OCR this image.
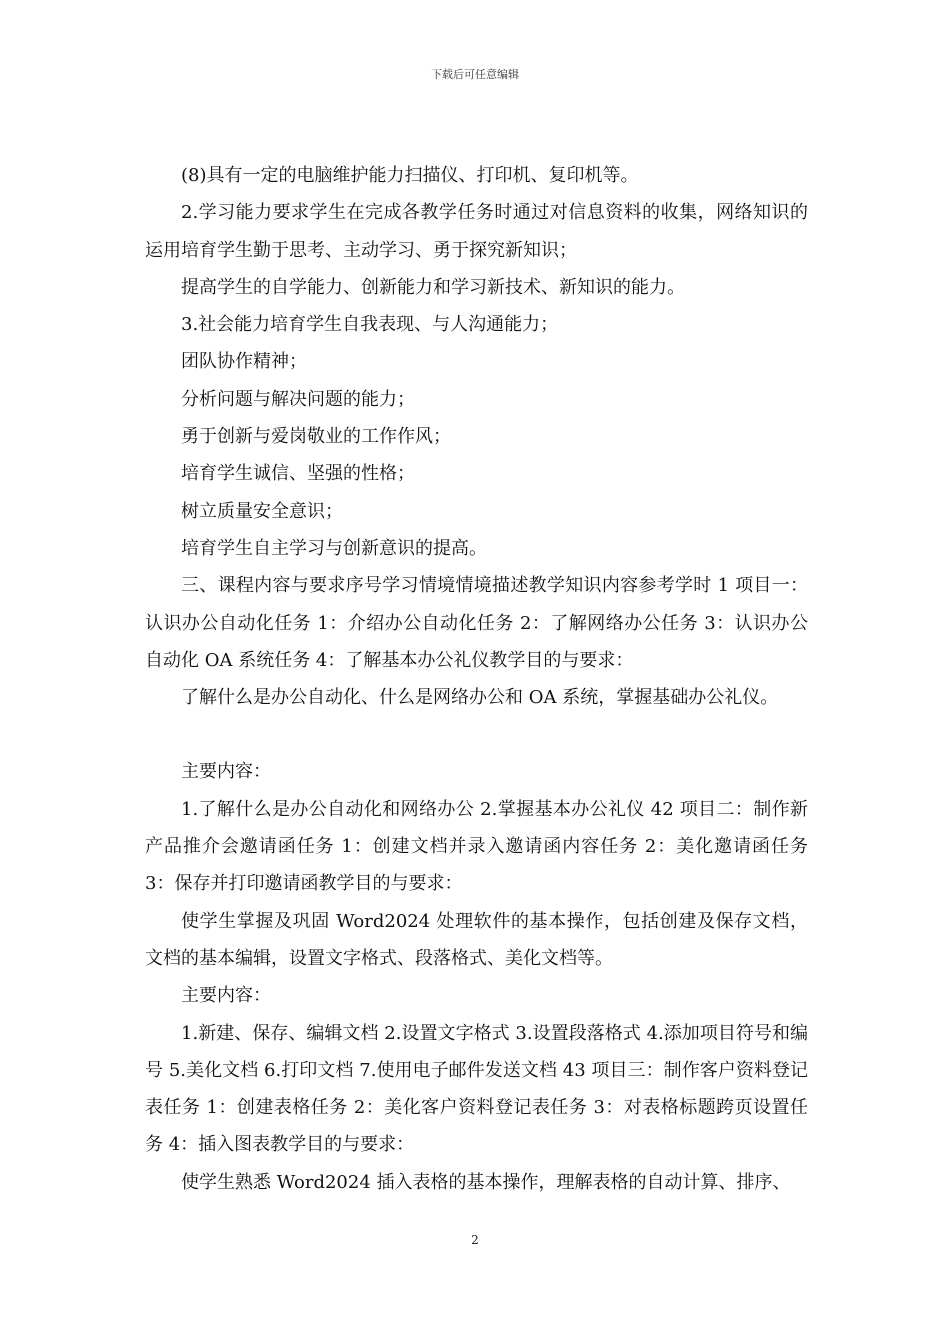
下载后可任意编辑

(8)具有一定的电脑维护能力扫描仪、打印机、复印机等。

2.学习能力要求学生在完成各教学任务时通过对信息资料的收集，网络知识的运用培育学生勤于思考、主动学习、勇于探究新知识；

提高学生的自学能力、创新能力和学习新技术、新知识的能力。

3.社会能力培育学生自我表现、与人沟通能力；

团队协作精神；

分析问题与解决问题的能力；

勇于创新与爱岗敬业的工作作风；

培育学生诚信、坚强的性格；

树立质量安全意识；

培育学生自主学习与创新意识的提高。

三、课程内容与要求序号学习情境情境描述教学知识内容参考学时 1 项目一：认识办公自动化任务 1：介绍办公自动化任务 2：了解网络办公任务 3：认识办公自动化 OA 系统任务 4：了解基本办公礼仪教学目的与要求：

了解什么是办公自动化、什么是网络办公和 OA 系统，掌握基础办公礼仪。

主要内容：

1.了解什么是办公自动化和网络办公 2.掌握基本办公礼仪 42 项目二：制作新产品推介会邀请函任务 1：创建文档并录入邀请函内容任务 2：美化邀请函任务 3：保存并打印邀请函教学目的与要求：

使学生掌握及巩固 Word2024 处理软件的基本操作，包括创建及保存文档，文档的基本编辑，设置文字格式、段落格式、美化文档等。

主要内容：

1.新建、保存、编辑文档 2.设置文字格式 3.设置段落格式 4.添加项目符号和编号 5.美化文档 6.打印文档 7.使用电子邮件发送文档 43 项目三：制作客户资料登记表任务 1：创建表格任务 2：美化客户资料登记表任务 3：对表格标题跨页设置任务 4：插入图表教学目的与要求：

使学生熟悉 Word2024 插入表格的基本操作，理解表格的自动计算、排序、

2
